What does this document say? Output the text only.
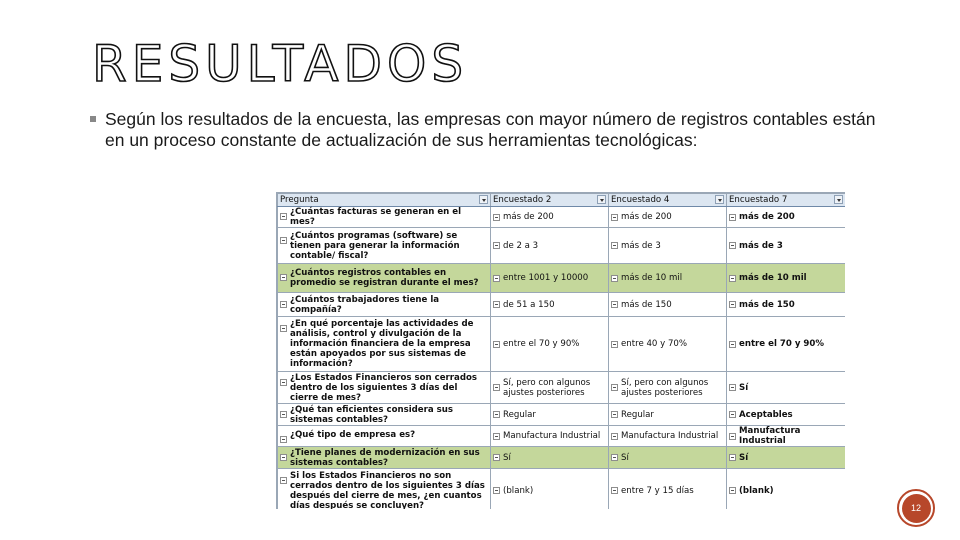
RESULTADOS
Según los resultados de la encuesta, las empresas con mayor número de registros contables están en un proceso constante de actualización de sus herramientas tecnológicas:
Pregunta	Encuestado 2	Encuestado 4	Encuestado 7

¿Cuántas facturas se generan en el mes?	más de 200	más de 200	más de 200

¿Cuántos programas (software) se tienen para generar la información contable/ fiscal?	de 2 a 3	más de 3	más de 3

¿Cuántos registros contables en promedio se registran durante el mes?	entre 1001 y 10000	más de 10 mil	más de 10 mil

¿Cuántos trabajadores tiene la compañía?	de 51 a 150	más de 150	más de 150

¿En qué porcentaje las actividades de análisis, control y divulgación de la información financiera de la empresa están apoyados por sus sistemas de información?	entre el 70 y 90%	entre 40 y 70%	entre el 70 y 90%

¿Los Estados Financieros son cerrados dentro de los siguientes 3 días del cierre de mes?	Sí, pero con algunos ajustes posteriores	Sí, pero con algunos ajustes posteriores	Sí

¿Qué tan eficientes considera sus sistemas contables?	Regular	Regular	Aceptables

¿Qué tipo de empresa es?	Manufactura Industrial	Manufactura Industrial	Manufactura Industrial

¿Tiene planes de modernización en sus sistemas contables?	Sí	Sí	Sí

Si los Estados Financieros no son cerrados dentro de los siguientes 3 días después del cierre de mes, ¿en cuantos días después se concluyen?	(blank)	entre 7 y 15 días	(blank)
12
